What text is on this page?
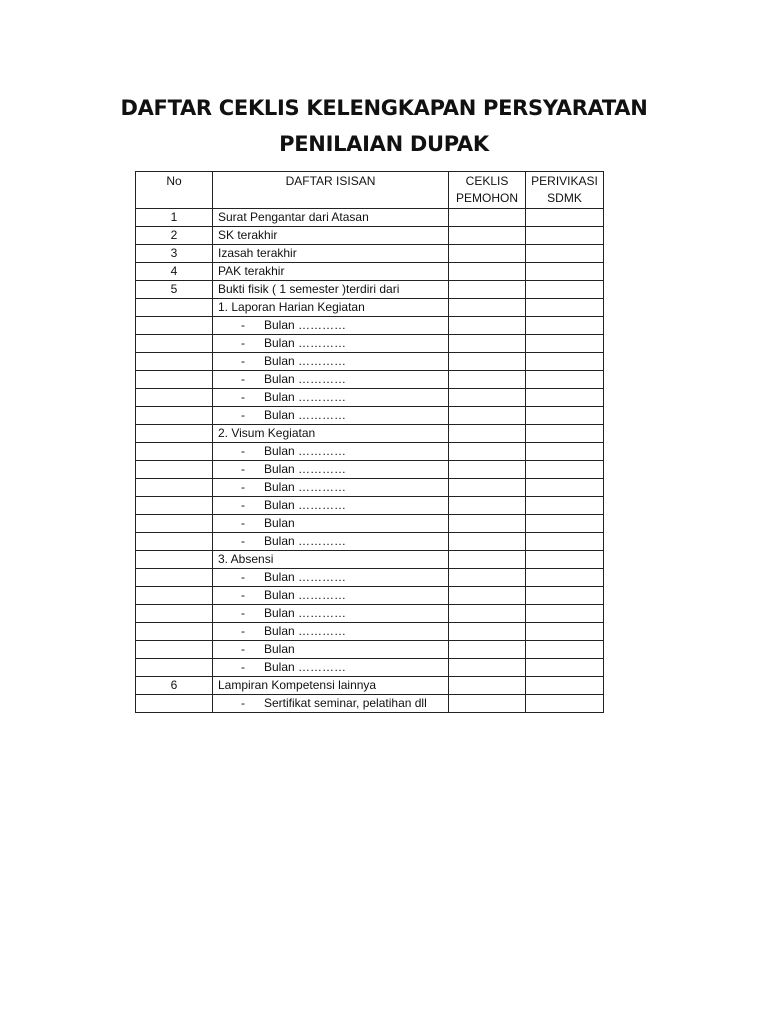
DAFTAR CEKLIS KELENGKAPAN PERSYARATAN PENILAIAN DUPAK
No	DAFTAR ISISAN	CEKLIS PEMOHON	PERIVIKASI SDMK
1	Surat Pengantar dari Atasan		
2	SK terakhir		
3	Izasah terakhir		
4	PAK terakhir		
5	Bukti fisik ( 1 semester )terdiri dari		
	1. Laporan Harian Kegiatan		
	- Bulan …………		
	- Bulan …………		
	- Bulan …………		
	- Bulan …………		
	- Bulan …………		
	- Bulan …………		
	2. Visum Kegiatan		
	- Bulan …………		
	- Bulan …………		
	- Bulan …………		
	- Bulan …………		
	- Bulan		
	- Bulan …………		
	3. Absensi		
	- Bulan …………		
	- Bulan …………		
	- Bulan …………		
	- Bulan …………		
	- Bulan		
	- Bulan …………		
6	Lampiran Kompetensi lainnya		
	- Sertifikat seminar, pelatihan dll		
